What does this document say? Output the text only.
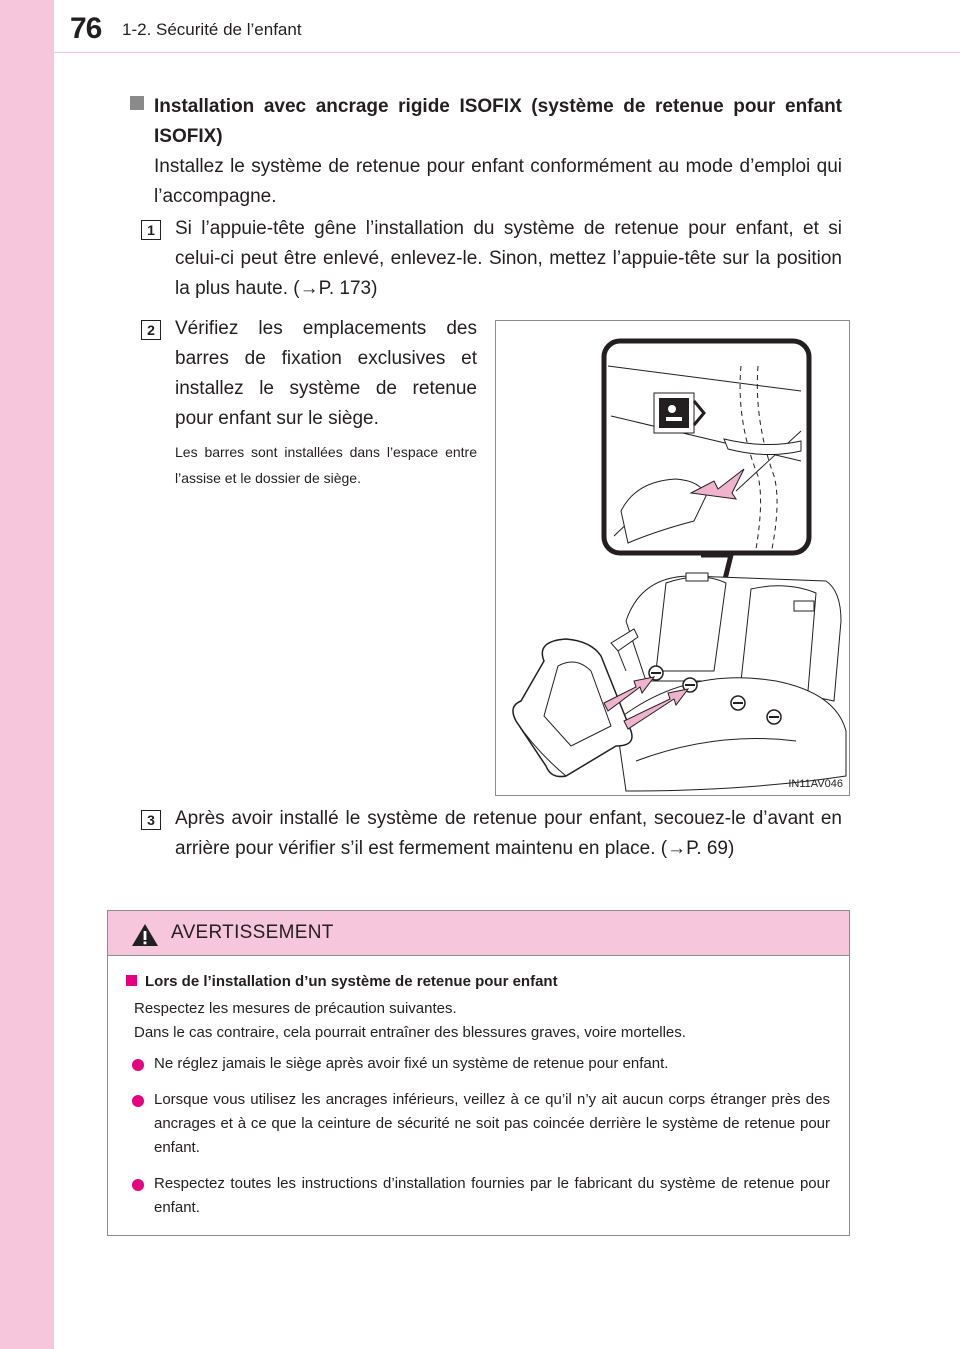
76 1-2. Sécurité de l’enfant
Installation avec ancrage rigide ISOFIX (système de retenue pour enfant ISOFIX)
Installez le système de retenue pour enfant conformément au mode d’emploi qui l’accompagne.
1	Si l’appuie-tête gêne l’installation du système de retenue pour enfant, et si celui-ci peut être enlevé, enlevez-le. Sinon, mettez l’appuie-tête sur la position la plus haute. (→P. 173)
2	Vérifiez les emplacements des barres de fixation exclusives et installez le système de retenue pour enfant sur le siège.
Les barres sont installées dans l’espace entre l’assise et le dossier de siège.
IN11AV046
3	Après avoir installé le système de retenue pour enfant, secouez-le d’avant en arrière pour vérifier s’il est fermement maintenu en place. (→P. 69)
AVERTISSEMENT
Lors de l’installation d’un système de retenue pour enfant
Respectez les mesures de précaution suivantes.
Dans le cas contraire, cela pourrait entraîner des blessures graves, voire mortelles.
Ne réglez jamais le siège après avoir fixé un système de retenue pour enfant.
Lorsque vous utilisez les ancrages inférieurs, veillez à ce qu’il n’y ait aucun corps étranger près des ancrages et à ce que la ceinture de sécurité ne soit pas coincée derrière le système de retenue pour enfant.
Respectez toutes les instructions d’installation fournies par le fabricant du système de retenue pour enfant.
